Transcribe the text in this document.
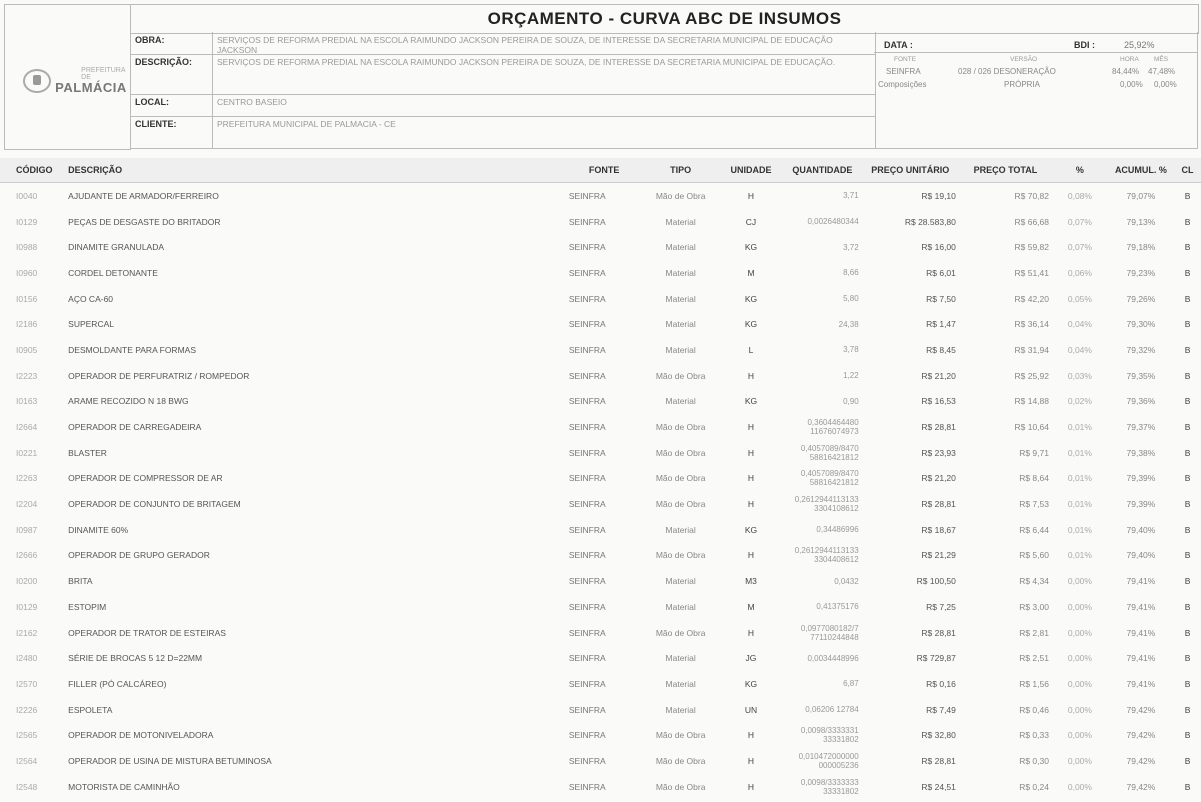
PREFEITURA DE
PALMÁCIA
ORÇAMENTO - CURVA ABC DE INSUMOS
OBRA:	SERVIÇOS DE REFORMA PREDIAL NA ESCOLA RAIMUNDO JACKSON PEREIRA DE SOUZA, DE INTERESSE DA SECRETARIA MUNICIPAL DE EDUCAÇÃO JACKSON
DESCRIÇÃO:	SERVIÇOS DE REFORMA PREDIAL NA ESCOLA RAIMUNDO JACKSON PEREIRA DE SOUZA, DE INTERESSE DA SECRETARIA MUNICIPAL DE EDUCAÇÃO.
LOCAL:	CENTRO BASEIO
CLIENTE:	PREFEITURA MUNICIPAL DE PALMACIA - CE
DATA :	BDI :	25,92%
FONTE	VERSÃO	HORA MÊS
SEINFRA	028 / 026 DESONERAÇÃO	84,44% 47,48%
Composições	PRÓPRIA	0,00% 0,00%
CÓDIGO	DESCRIÇÃO	FONTE	TIPO	UNIDADE	QUANTIDADE	PREÇO UNITÁRIO	PREÇO TOTAL	%	ACUMUL. %	CL
I0040	AJUDANTE DE ARMADOR/FERREIRO	SEINFRA	Mão de Obra	H	3,71	R$ 19,10	R$ 70,82	0,08%	79,07%	B
I0129	PEÇAS DE DESGASTE DO BRITADOR	SEINFRA	Material	CJ	0,0026480344	R$ 28.583,80	R$ 66,68	0,07%	79,13%	B
I0988	DINAMITE GRANULADA	SEINFRA	Material	KG	3,72	R$ 16,00	R$ 59,82	0,07%	79,18%	B
I0960	CORDEL DETONANTE	SEINFRA	Material	M	8,66	R$ 6,01	R$ 51,41	0,06%	79,23%	B
I0156	AÇO CA-60	SEINFRA	Material	KG	5,80	R$ 7,50	R$ 42,20	0,05%	79,26%	B
I2186	SUPERCAL	SEINFRA	Material	KG	24,38	R$ 1,47	R$ 36,14	0,04%	79,30%	B
I0905	DESMOLDANTE PARA FORMAS	SEINFRA	Material	L	3,78	R$ 8,45	R$ 31,94	0,04%	79,32%	B
I2223	OPERADOR DE PERFURATRIZ / ROMPEDOR	SEINFRA	Mão de Obra	H	1,22	R$ 21,20	R$ 25,92	0,03%	79,35%	B
I0163	ARAME RECOZIDO N 18 BWG	SEINFRA	Material	KG	0,90	R$ 16,53	R$ 14,88	0,02%	79,36%	B
I2664	OPERADOR DE CARREGADEIRA	SEINFRA	Mão de Obra	H	0,3604464480 11676074973	R$ 28,81	R$ 10,64	0,01%	79,37%	B
I0221	BLASTER	SEINFRA	Mão de Obra	H	0,4057089/8470 58816421812	R$ 23,93	R$ 9,71	0,01%	79,38%	B
I2263	OPERADOR DE COMPRESSOR DE AR	SEINFRA	Mão de Obra	H	0,4057089/8470 58816421812	R$ 21,20	R$ 8,64	0,01%	79,39%	B
I2204	OPERADOR DE CONJUNTO DE BRITAGEM	SEINFRA	Mão de Obra	H	0,2612944113133 3304108612	R$ 28,81	R$ 7,53	0,01%	79,39%	B
I0987	DINAMITE 60%	SEINFRA	Material	KG	0,34486996	R$ 18,67	R$ 6,44	0,01%	79,40%	B
I2666	OPERADOR DE GRUPO GERADOR	SEINFRA	Mão de Obra	H	0,2612944113133 3304408612	R$ 21,29	R$ 5,60	0,01%	79,40%	B
I0200	BRITA	SEINFRA	Material	M3	0,0432	R$ 100,50	R$ 4,34	0,00%	79,41%	B
I0129	ESTOPIM	SEINFRA	Material	M	0,41375176	R$ 7,25	R$ 3,00	0,00%	79,41%	B
I2162	OPERADOR DE TRATOR DE ESTEIRAS	SEINFRA	Mão de Obra	H	0,0977080182/7 77110244848	R$ 28,81	R$ 2,81	0,00%	79,41%	B
I2480	SÉRIE DE BROCAS 5 12 D=22MM	SEINFRA	Material	JG	0,0034448996	R$ 729,87	R$ 2,51	0,00%	79,41%	B
I2570	FILLER (PÓ CALCÁREO)	SEINFRA	Material	KG	6,87	R$ 0,16	R$ 1,56	0,00%	79,41%	B
I2226	ESPOLETA	SEINFRA	Material	UN	0,06206 12784	R$ 7,49	R$ 0,46	0,00%	79,42%	B
I2565	OPERADOR DE MOTONIVELADORA	SEINFRA	Mão de Obra	H	0,0098/3333331 33331802	R$ 32,80	R$ 0,33	0,00%	79,42%	B
I2564	OPERADOR DE USINA DE MISTURA BETUMINOSA	SEINFRA	Mão de Obra	H	0,010472000000 000005236	R$ 28,81	R$ 0,30	0,00%	79,42%	B
I2548	MOTORISTA DE CAMINHÃO	SEINFRA	Mão de Obra	H	0,0098/3333333 33331802	R$ 24,51	R$ 0,24	0,00%	79,42%	B
